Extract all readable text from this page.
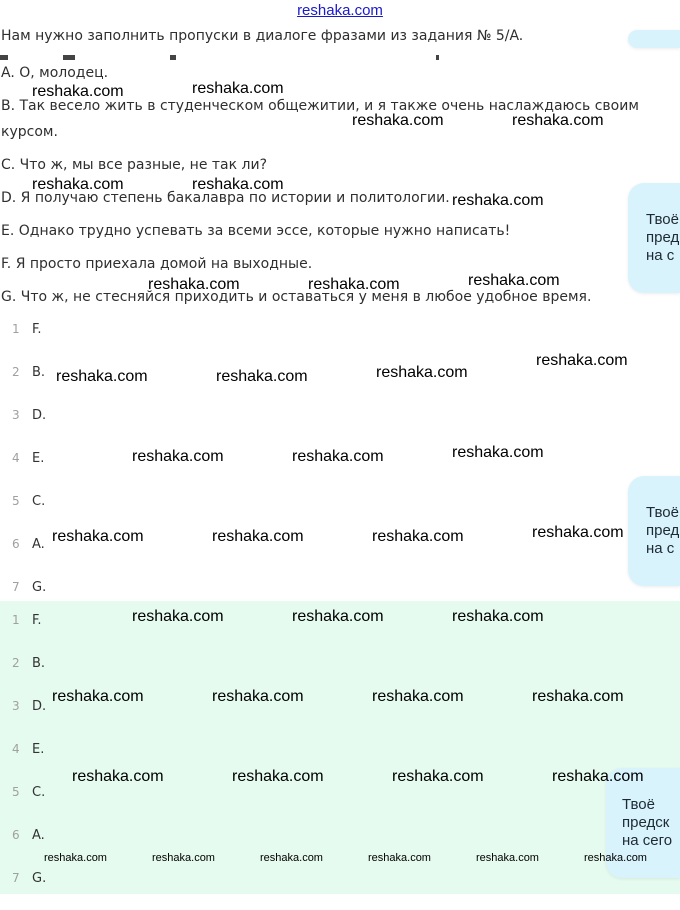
reshaka.com
Нам нужно заполнить пропуски в диалоге фразами из задания № 5/A.
A. О, молодец.
B. Так весело жить в студенческом общежитии, и я также очень наслаждаюсь своим курсом.
C. Что ж, мы все разные, не так ли?
D. Я получаю степень бакалавра по истории и политологии.
E. Однако трудно успевать за всеми эссе, которые нужно написать!
F. Я просто приехала домой на выходные.
G. Что ж, не стесняйся приходить и оставаться у меня в любое удобное время.
1 F.
2 B.
3 D.
4 E.
5 C.
6 A.
7 G.
1 F.
2 B.
3 D.
4 E.
5 C.
6 A.
7 G.
Твоё
пред
на с
Твоё
пред
на с
Твоё
предск
на сего
reshaka.com	reshaka.com
reshaka.com	reshaka.com
reshaka.com	reshaka.com
reshaka.com
reshaka.com	reshaka.com	reshaka.com
reshaka.com
reshaka.com	reshaka.com	reshaka.com
reshaka.com	reshaka.com	reshaka.com
reshaka.com
reshaka.com	reshaka.com	reshaka.com
reshaka.com	reshaka.com	reshaka.com
reshaka.com	reshaka.com	reshaka.com	reshaka.com
reshaka.com	reshaka.com	reshaka.com	reshaka.com
reshaka.com	reshaka.com	reshaka.com	reshaka.com	reshaka.com	reshaka.com
